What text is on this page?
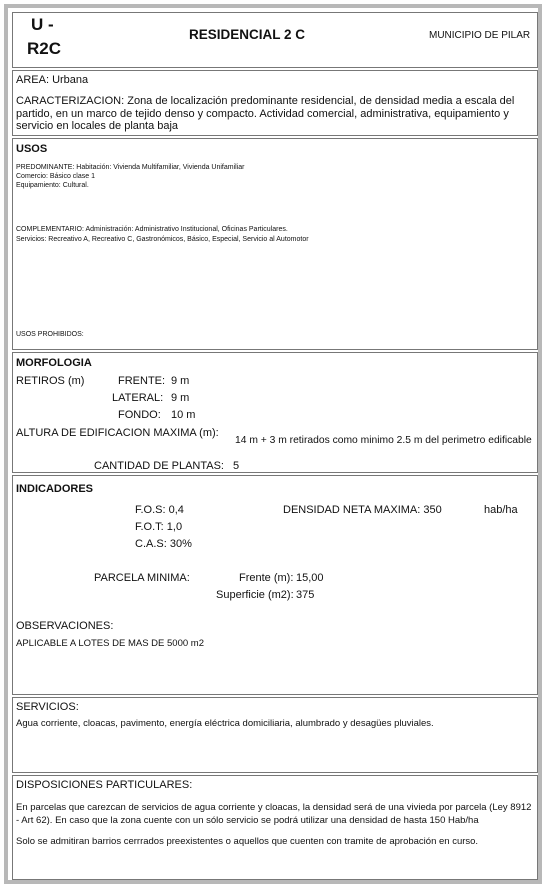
U -
R2C
RESIDENCIAL 2 C	MUNICIPIO DE PILAR
AREA: Urbana
CARACTERIZACION: Zona de localización predominante residencial, de densidad media a escala del partido, en un marco de tejido denso y compacto. Actividad comercial, administrativa, equipamiento y servicio en locales de planta baja
USOS
PREDOMINANTE: Habitación: Vivienda Multifamiliar, Vivienda Unifamiliar
Comercio: Básico clase 1
Equipamiento: Cultural.
COMPLEMENTARIO: Administración: Administrativo Institucional, Oficinas Particulares.
Servicios: Recreativo A, Recreativo C, Gastronómicos, Básico, Especial, Servicio al Automotor
USOS PROHIBIDOS:
MORFOLOGIA
RETIROS (m)	FRENTE: 9 m
LATERAL: 9 m
FONDO: 10 m
ALTURA DE EDIFICACION MAXIMA (m):
14 m + 3 m retirados como minimo 2.5 m del perimetro edificable
CANTIDAD DE PLANTAS: 5
INDICADORES
F.O.S: 0,4
F.O.T: 1,0
C.A.S: 30%
DENSIDAD NETA MAXIMA: 350	hab/ha
PARCELA MINIMA:	Frente (m): 15,00
Superficie (m2): 375
OBSERVACIONES:
APLICABLE A LOTES DE MAS DE 5000 m2
SERVICIOS:
Agua corriente, cloacas, pavimento, energía eléctrica domiciliaria, alumbrado y desagües pluviales.
DISPOSICIONES PARTICULARES:
En parcelas que carezcan de servicios de agua corriente y cloacas, la densidad será de una vivieda por parcela (Ley 8912 - Art 62). En caso que la zona cuente con un sólo servicio se podrá utilizar una densidad de hasta 150 Hab/ha
Solo se admitiran barrios cerrrados preexistentes o aquellos que cuenten con tramite de aprobación en curso.
